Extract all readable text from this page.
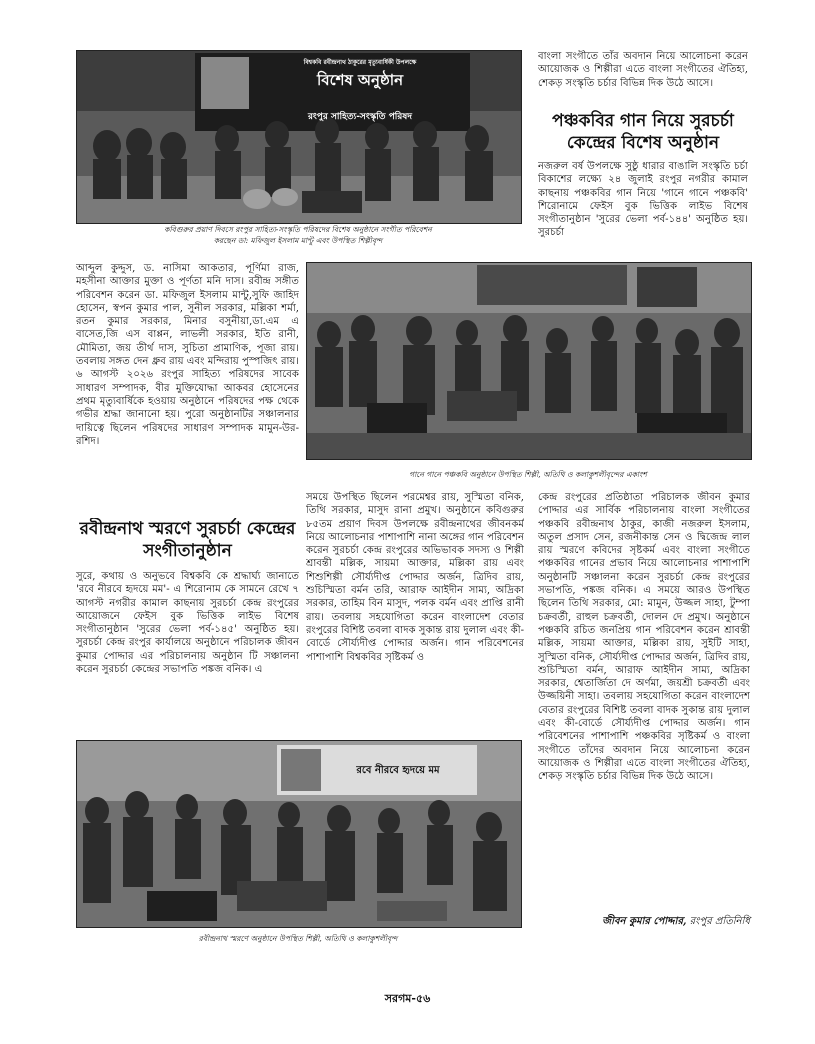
বিশ্বকবি রবীন্দ্রনাথ ঠাকুরের মৃত্যুবার্ষিকী উপলক্ষে
বিশেষ অনুষ্ঠান
রংপুর সাহিত্য-সংস্কৃতি পরিষদ
কবিগুরুর প্রয়াণ দিবসে রংপুর সাহিত্য-সংস্কৃতি পরিষদের বিশেষ অনুষ্ঠানে সংগীত পরিবেশন
করছেন ডা: মফিজুল ইসলাম মান্টু এবং উপস্থিত শিল্পীবৃন্দ
বাংলা সংগীতে তাঁর অবদান নিয়ে আলোচনা করেন আয়োজক ও শিল্পীরা এতে বাংলা সংগীতের ঐতিহ্য, শেকড় সংস্কৃতি চর্চার বিভিন্ন দিক উঠে আসে।
পঞ্চকবির গান নিয়ে সুরচর্চা কেন্দ্রের বিশেষ অনুষ্ঠান
নজরুল বর্ষ উপলক্ষে সুষ্ঠু ধারার বাঙালি সংস্কৃতি চর্চা বিকাশের লক্ষ্যে ২৪ জুলাই রংপুর নগরীর কামাল কাছনায় পঞ্চকবির গান নিয়ে 'গানে গানে পঞ্চকবি' শিরোনামে ফেইস বুক ভিত্তিক লাইভ বিশেষ সংগীতানুষ্ঠান 'সুরের ভেলা পর্ব-১৪৪' অনুষ্ঠিত হয়। সুরচর্চা
আব্দুল কুদ্দুস, ড. নাসিমা আকতার, পূর্ণিমা রাজ, মহসীনা আক্তার মুক্তা ও পূর্ণতা মনি দাস। রবীন্দ্র সঙ্গীত পরিবেশন করেন ডা. মফিজুল ইসলাম মান্টু,সুফি জাহিদ হোসেন, স্বপন কুমার পাল, সুনীল সরকার, মল্লিকা শর্মা, রতন কুমার সরকার, মিনার বসুনীয়া,ডা.এম এ বাসেত,জি এস বাপ্পন, লাভলী সরকার, ইতি রানী, মৌমিতা, জয় তীর্থ দাস, সুচিতা প্রামাণিক, পূজা রায়। তবলায় সঙ্গত দেন ধ্রুব রায় এবং মন্দিরায় পুস্পজিৎ রায়। ৬ আগস্ট ২০২৬ রংপুর সাহিত্য পরিষদের সাবেক সাধারণ সম্পাদক, বীর মুক্তিযোদ্ধা আকবর হোসেনের প্রথম মৃত্যুবার্ষিকে হওয়ায় অনুষ্ঠানে পরিষদের পক্ষ থেকে গভীর শ্রদ্ধা জানানো হয়। পুরো অনুষ্ঠানটির সঞ্চালনার দায়িত্বে ছিলেন পরিষদের সাধারণ সম্পাদক মামুন-উর-রশিদ।
রবীন্দ্রনাথ স্মরণে সুরচর্চা কেন্দ্রের সংগীতানুষ্ঠান
সুরে, কথায় ও অনুভবে বিশ্বকবি কে শ্রদ্ধার্ঘ্য জানাতে 'রবে নীরবে হৃদয়ে মম'- এ শিরোনাম কে সামনে রেখে ৭ আগস্ট নগরীর কামাল কাছনায় সুরচর্চা কেন্দ্র রংপুরের আয়োজনে ফেইস বুক ভিত্তিক লাইভ বিশেষ সংগীতানুষ্ঠান 'সুরের ভেলা পর্ব-১৪৫' অনুষ্ঠিত হয়। সুরচর্চা কেন্দ্র রংপুর কার্যালয়ে অনুষ্ঠানে পরিচালক জীবন কুমার পোদ্দার এর পরিচালনায় অনুষ্ঠান টি সঞ্চালনা করেন সুরচর্চা কেন্দ্রের সভাপতি পঙ্কজ বনিক। এ
গানে গানে পঞ্চকবি অনুষ্ঠানে উপস্থিত শিল্পী, অতিথি ও কলাকুশলীবৃন্দের একাংশ
সময়ে উপস্থিত ছিলেন পরমেশ্বর রায়, সুস্মিতা বনিক, তিথি সরকার, মাসুদ রানা প্রমুখ। অনুষ্ঠানে কবিগুরুর ৮৫তম প্রয়াণ দিবস উপলক্ষে রবীন্দ্রনাথের জীবনকর্ম নিয়ে আলোচনার পাশাপাশি নানা অঙ্গের গান পরিবেশন করেন সুরচর্চা কেন্দ্র রংপুরের অভিভাবক সদস্য ও শিল্পী শ্রাবন্তী মল্লিক, সায়মা আক্তার, মল্লিকা রায় এবং শিশুশিল্পী সৌর্য্যদীপ্ত পোদ্দার অর্জন, ত্রিদিব রায়, শুচিস্মিতা বর্মন তরি, আরাফ আইদীন সাম্য, অদ্রিকা সরকার, তাহিম বিন মাসুদ, পলক বর্মন এবং প্রাপ্তি রানী রায়। তবলায় সহযোগিতা করেন বাংলাদেশ বেতার রংপুরের বিশিষ্ট তবলা বাদক সুকান্ত রায় দুলাল এবং কী-বোর্ডে সৌর্য্যদীপ্ত পোদ্দার অর্জন। গান পরিবেশনের পাশাপাশি বিশ্বকবির সৃষ্টিকর্ম ও
কেন্দ্র রংপুরের প্রতিষ্ঠাতা পরিচালক জীবন কুমার পোদ্দার এর সার্বিক পরিচালনায় বাংলা সংগীতের পঞ্চকবি রবীন্দ্রনাথ ঠাকুর, কাজী নজরুল ইসলাম, অতুল প্রসাদ সেন, রজনীকান্ত সেন ও দ্বিজেন্দ্র লাল রায় স্মরণে কবিদের সৃষ্টকর্ম এবং বাংলা সংগীতে পঞ্চকবির গানের প্রভাব নিয়ে আলোচনার পাশাপাশি অনুষ্ঠানটি সঞ্চালনা করেন সুরচর্চা কেন্দ্র রংপুরের সভাপতি, পঙ্কজ বনিক। এ সময়ে আরও উপস্থিত ছিলেন তিথি সরকার, মো: মামুন, উজ্জল সাহা, টুম্পা চক্রবর্তী, রাহুল চক্রবর্তী, দোলন দে প্রমুখ। অনুষ্ঠানে পঞ্চকবি রচিত জনপ্রিয় গান পরিবেশন করেন শ্রাবন্তী মল্লিক, সায়মা আক্তার, মল্লিকা রায়, সুইটি সাহা, সুস্মিতা বনিক, সৌর্য্যদীপ্ত পোদ্দার অর্জন, ত্রিদিব রায়, শুচিস্মিতা বর্মন, আরাফ আইদীন সাম্য, অদ্রিকা সরকার, শ্বেতার্জিতা দে অর্ণমা, জয়শ্রী চক্রবর্তী এবং উজ্জয়িনী সাহা। তবলায় সহযোগিতা করেন বাংলাদেশ বেতার রংপুরের বিশিষ্ট তবলা বাদক সুকান্ত রায় দুলাল এবং কী-বোর্ডে সৌর্য্যদীপ্ত পোদ্দার অর্জন। গান পরিবেশনের পাশাপাশি পঞ্চকবির সৃষ্টিকর্ম ও বাংলা সংগীতে তাঁদের অবদান নিয়ে আলোচনা করেন আয়োজক ও শিল্পীরা এতে বাংলা সংগীতের ঐতিহ্য, শেকড় সংস্কৃতি চর্চার বিভিন্ন দিক উঠে আসে।
রবে নীরবে হৃদয়ে মম
রবীন্দ্রনাথ স্মরণে অনুষ্ঠানে উপস্থিত শিল্পী, অতিথি ও কলাকুশলীবৃন্দ
জীবন কুমার পোদ্দার, রংপুর প্রতিনিধি
সরগম-৫৬
